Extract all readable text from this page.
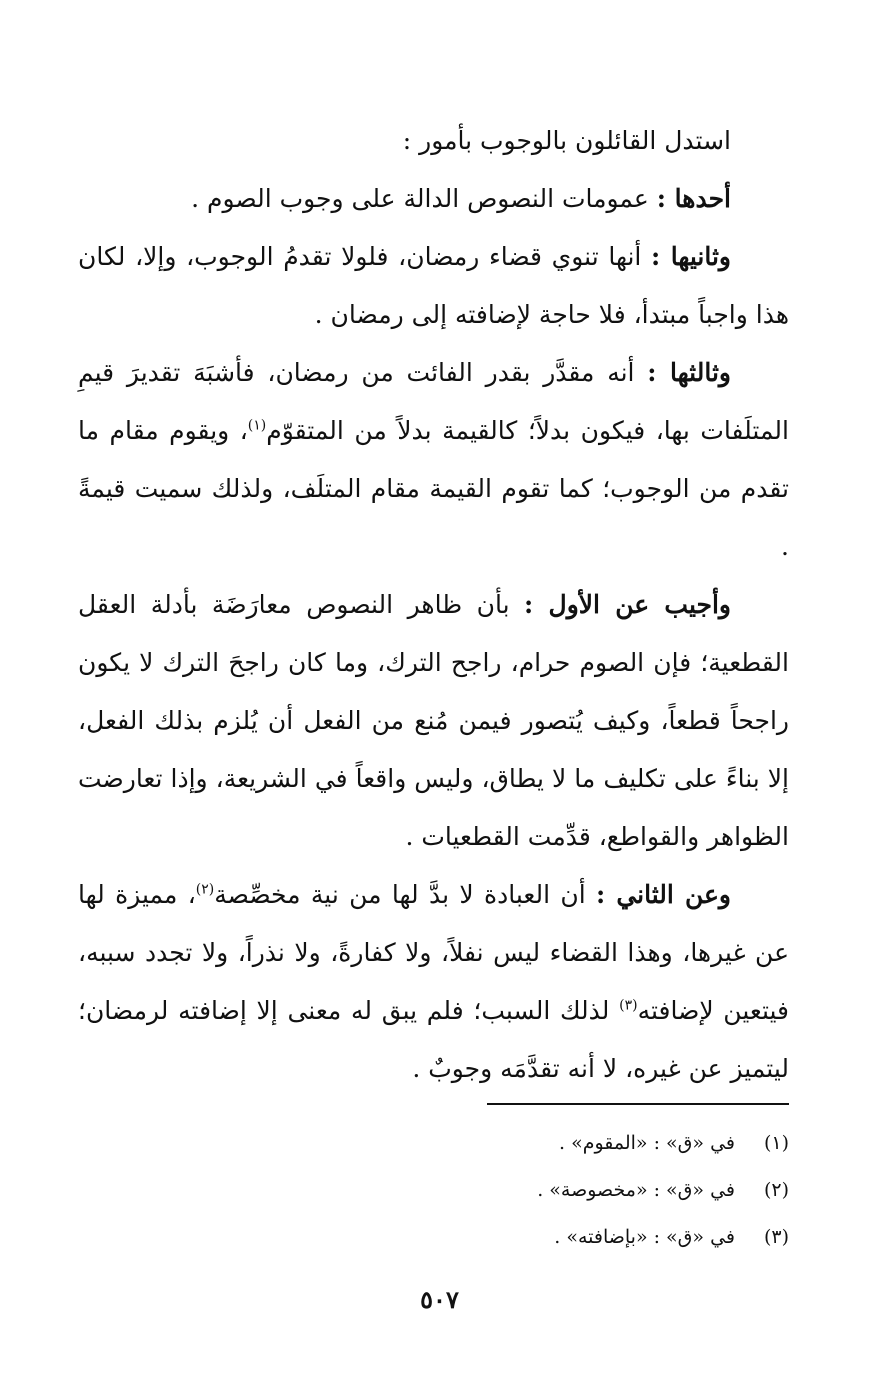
استدل القائلون بالوجوب بأمور :

أحدها : عمومات النصوص الدالة على وجوب الصوم .

وثانيها : أنها تنوي قضاء رمضان، فلولا تقدمُ الوجوب، وإلا، لكان هذا واجباً مبتدأ، فلا حاجة لإضافته إلى رمضان .

وثالثها : أنه مقدَّر بقدر الفائت من رمضان، فأشبَهَ تقديرَ قيمِ المتلَفات بها، فيكون بدلاً؛ كالقيمة بدلاً من المتقوّم$^{(١)}$، ويقوم مقام ما تقدم من الوجوب؛ كما تقوم القيمة مقام المتلَف، ولذلك سميت قيمةً .

وأجيب عن الأول : بأن ظاهر النصوص معارَضَة بأدلة العقل القطعية؛ فإن الصوم حرام، راجح الترك، وما كان راجحَ الترك لا يكون راجحاً قطعاً، وكيف يُتصور فيمن مُنع من الفعل أن يُلزم بذلك الفعل، إلا بناءً على تكليف ما لا يطاق، وليس واقعاً في الشريعة، وإذا تعارضت الظواهر والقواطع، قدِّمت القطعيات .

وعن الثاني : أن العبادة لا بدَّ لها من نية مخصِّصة$^{(٢)}$، مميزة لها عن غيرها، وهذا القضاء ليس نفلاً، ولا كفارةً، ولا نذراً، ولا تجدد سببه، فيتعين لإضافته$^{(٣)}$ لذلك السبب؛ فلم يبق له معنى إلا إضافته لرمضان؛ ليتميز عن غيره، لا أنه تقدَّمَه وجوبٌ .

(١)
في «ق» : «المقوم» .
(٢)
في «ق» : «مخصوصة» .
(٣)
في «ق» : «بإضافته» .
٥٠٧
